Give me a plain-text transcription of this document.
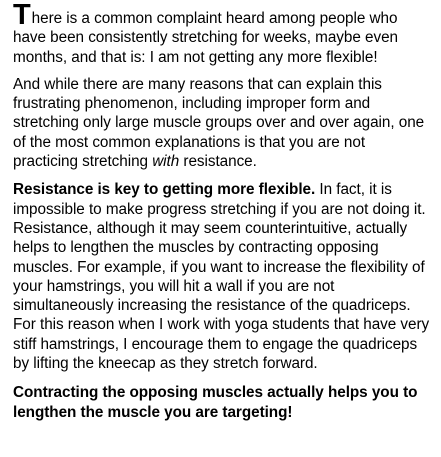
There is a common complaint heard among people who have been consistently stretching for weeks, maybe even months, and that is: I am not getting any more flexible!

And while there are many reasons that can explain this frustrating phenomenon, including improper form and stretching only large muscle groups over and over again, one of the most common explanations is that you are not practicing stretching with resistance.

Resistance is key to getting more flexible. In fact, it is impossible to make progress stretching if you are not doing it. Resistance, although it may seem counterintuitive, actually helps to lengthen the muscles by contracting opposing muscles. For example, if you want to increase the flexibility of your hamstrings, you will hit a wall if you are not simultaneously increasing the resistance of the quadriceps. For this reason when I work with yoga students that have very stiff hamstrings, I encourage them to engage the quadriceps by lifting the kneecap as they stretch forward.

Contracting the opposing muscles actually helps you to lengthen the muscle you are targeting!
